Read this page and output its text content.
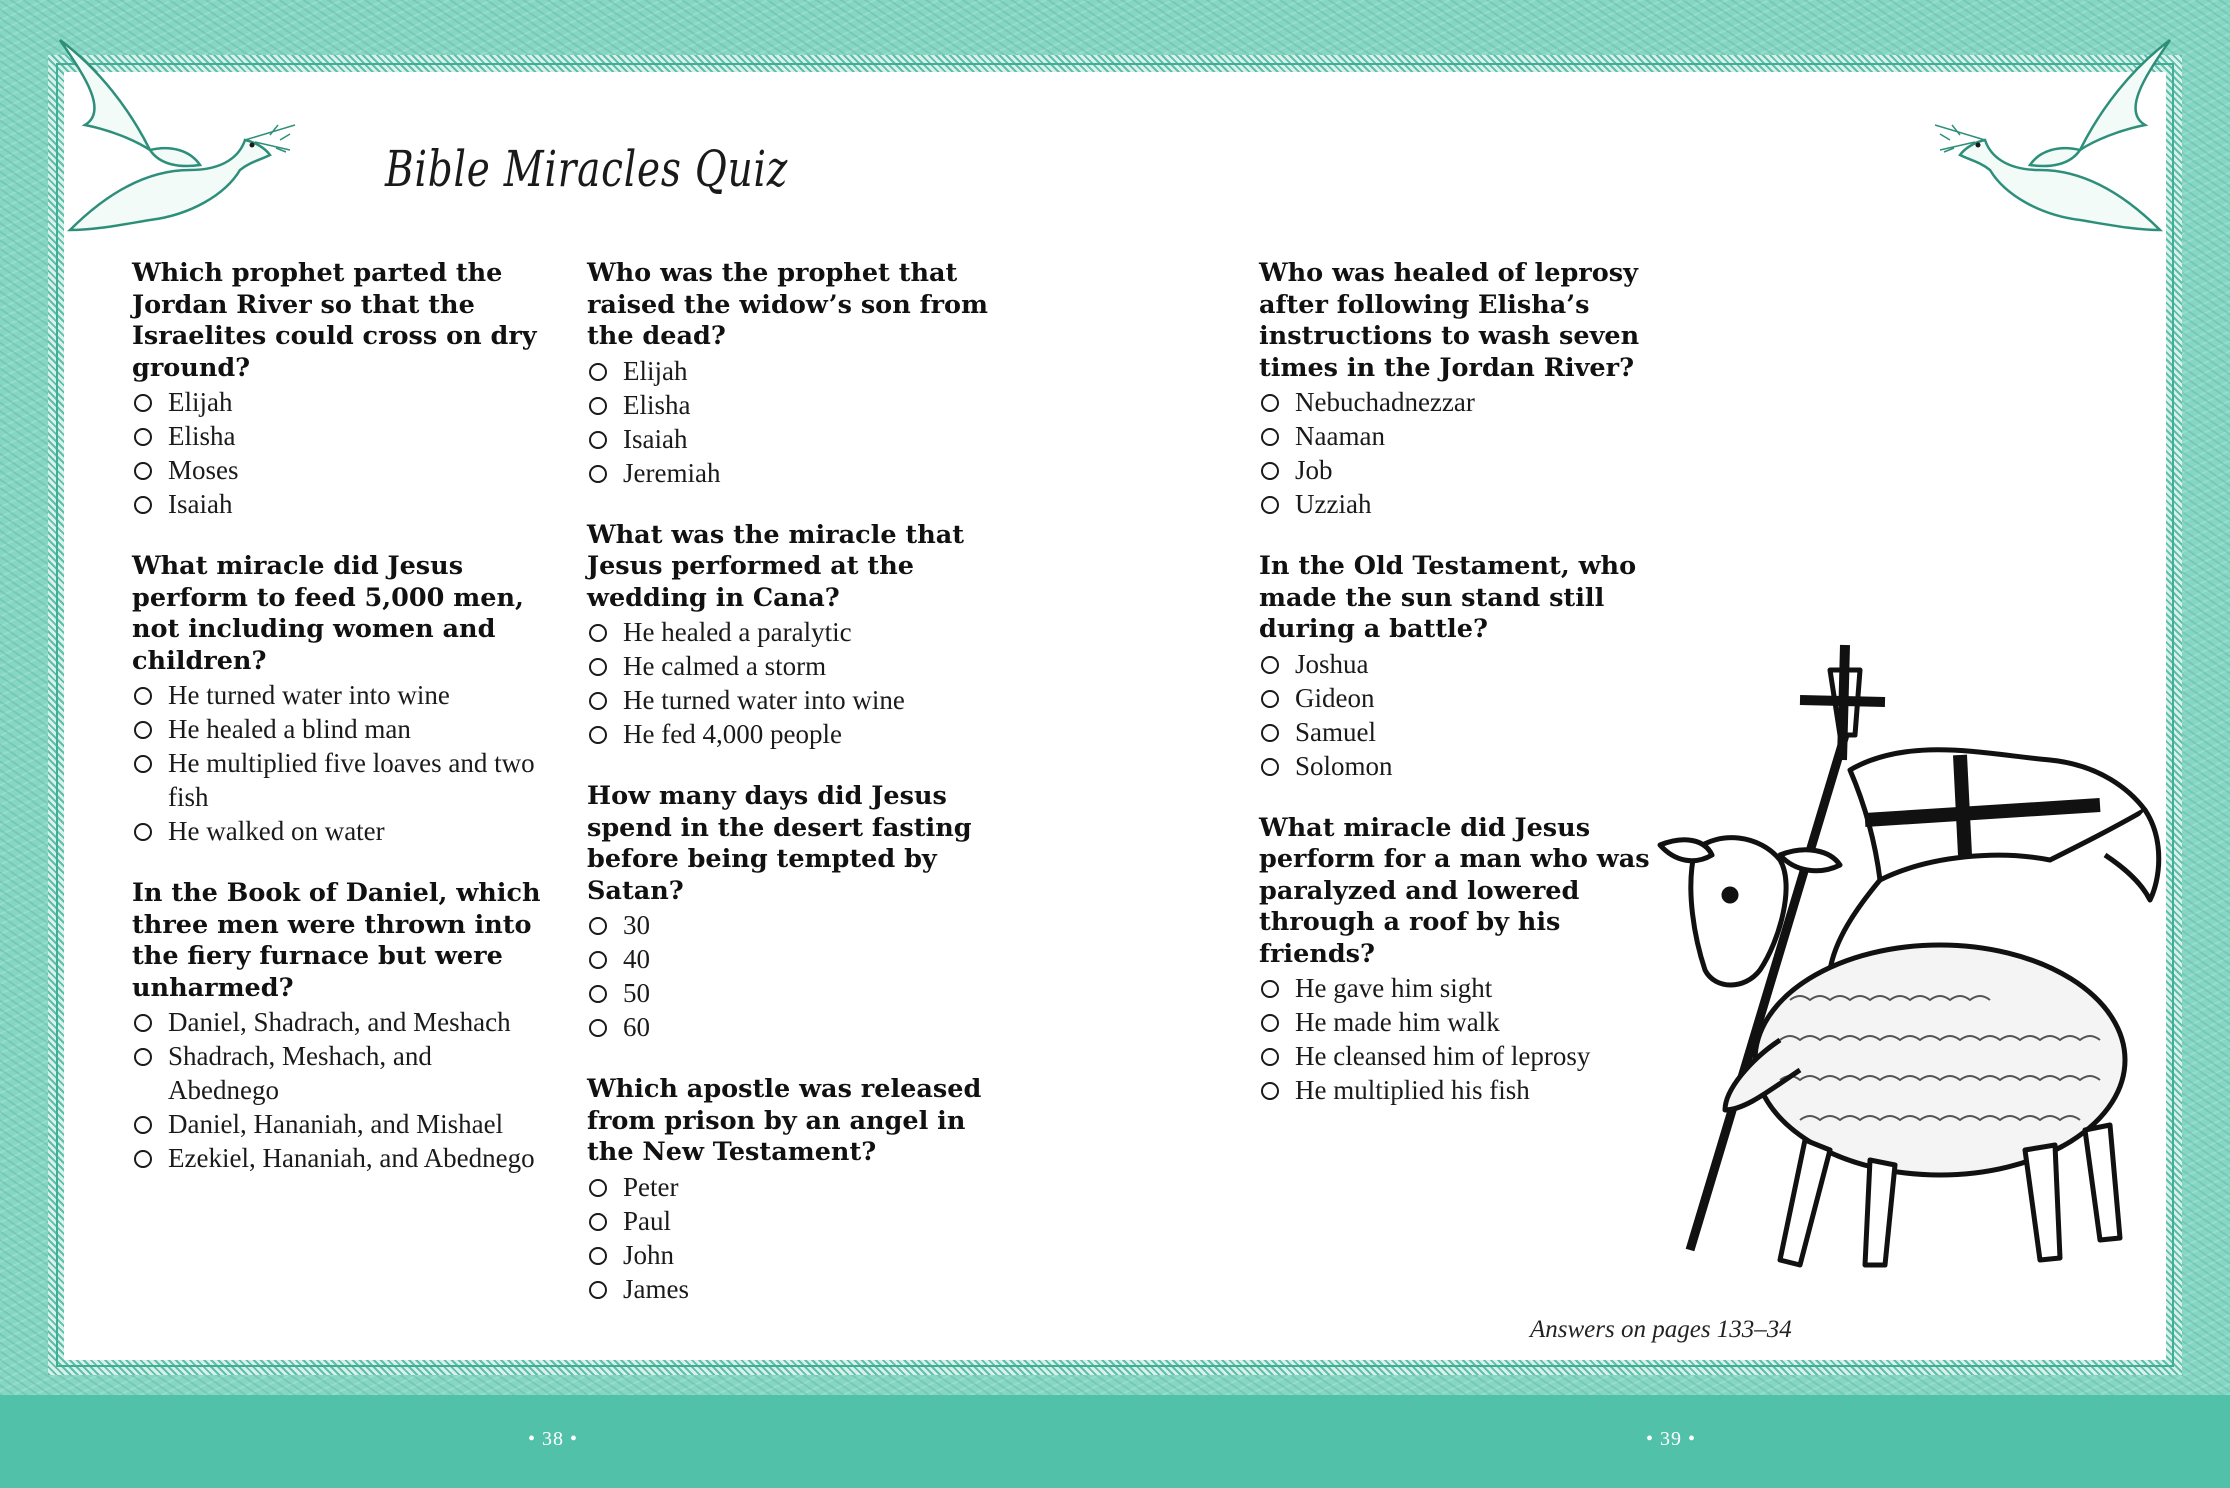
Bible Miracles Quiz
Which prophet parted the Jordan River so that the Israelites could cross on dry ground?
Elijah
Elisha
Moses
Isaiah
What miracle did Jesus perform to feed 5,000 men, not including women and children?
He turned water into wine
He healed a blind man
He multiplied five loaves and two fish
He walked on water
In the Book of Daniel, which three men were thrown into the fiery furnace but were unharmed?
Daniel, Shadrach, and Meshach
Shadrach, Meshach, and Abednego
Daniel, Hananiah, and Mishael
Ezekiel, Hananiah, and Abednego
Who was the prophet that raised the widow’s son from the dead?
Elijah
Elisha
Isaiah
Jeremiah
What was the miracle that Jesus performed at the wedding in Cana?
He healed a paralytic
He calmed a storm
He turned water into wine
He fed 4,000 people
How many days did Jesus spend in the desert fasting before being tempted by Satan?
30
40
50
60
Which apostle was released from prison by an angel in the New Testament?
Peter
Paul
John
James
Who was healed of leprosy after following Elisha’s instructions to wash seven times in the Jordan River?
Nebuchadnezzar
Naaman
Job
Uzziah
In the Old Testament, who made the sun stand still during a battle?
Joshua
Gideon
Samuel
Solomon
What miracle did Jesus perform for a man who was paralyzed and lowered through a roof by his friends?
He gave him sight
He made him walk
He cleansed him of leprosy
He multiplied his fish
Answers on pages 133–34
• 38 •	• 39 •
